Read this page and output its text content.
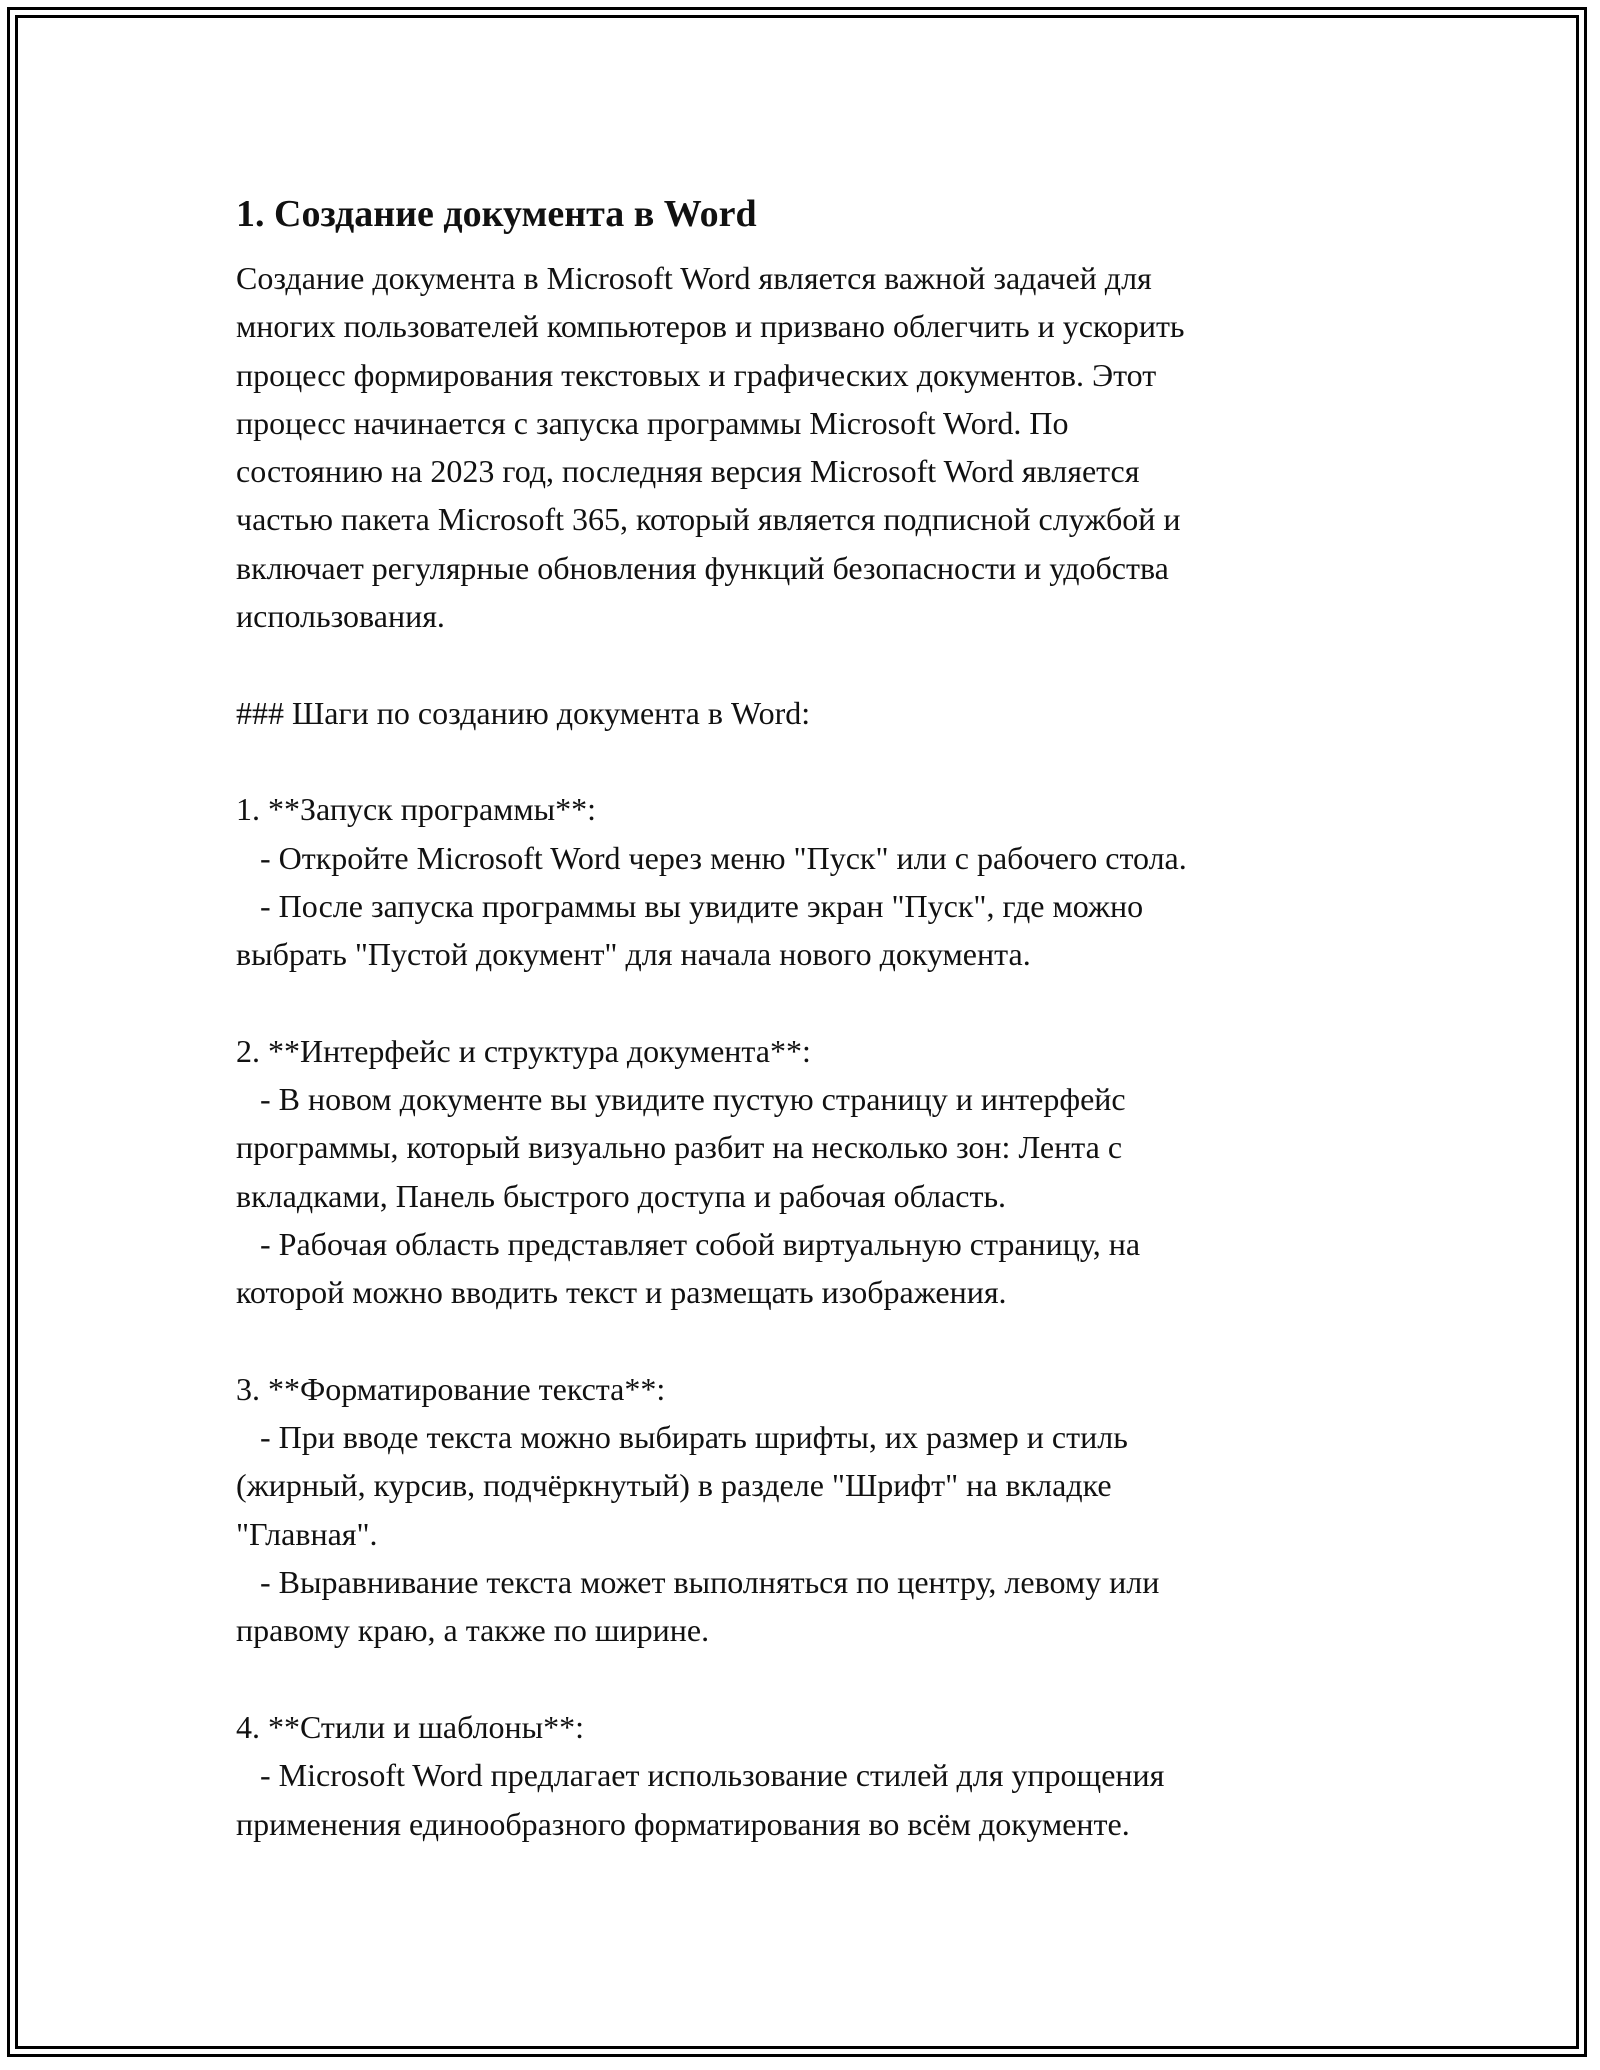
1. Создание документа в Word
Создание документа в Microsoft Word является важной задачей для
многих пользователей компьютеров и призвано облегчить и ускорить
процесс формирования текстовых и графических документов. Этот
процесс начинается с запуска программы Microsoft Word. По
состоянию на 2023 год, последняя версия Microsoft Word является
частью пакета Microsoft 365, который является подписной службой и
включает регулярные обновления функций безопасности и удобства
использования.
### Шаги по созданию документа в Word:
1. **Запуск программы**:
- Откройте Microsoft Word через меню "Пуск" или с рабочего стола.
- После запуска программы вы увидите экран "Пуск", где можно
выбрать "Пустой документ" для начала нового документа.
2. **Интерфейс и структура документа**:
- В новом документе вы увидите пустую страницу и интерфейс
программы, который визуально разбит на несколько зон: Лента с
вкладками, Панель быстрого доступа и рабочая область.
- Рабочая область представляет собой виртуальную страницу, на
которой можно вводить текст и размещать изображения.
3. **Форматирование текста**:
- При вводе текста можно выбирать шрифты, их размер и стиль
(жирный, курсив, подчёркнутый) в разделе "Шрифт" на вкладке
"Главная".
- Выравнивание текста может выполняться по центру, левому или
правому краю, а также по ширине.
4. **Стили и шаблоны**:
- Microsoft Word предлагает использование стилей для упрощения
применения единообразного форматирования во всём документе.
